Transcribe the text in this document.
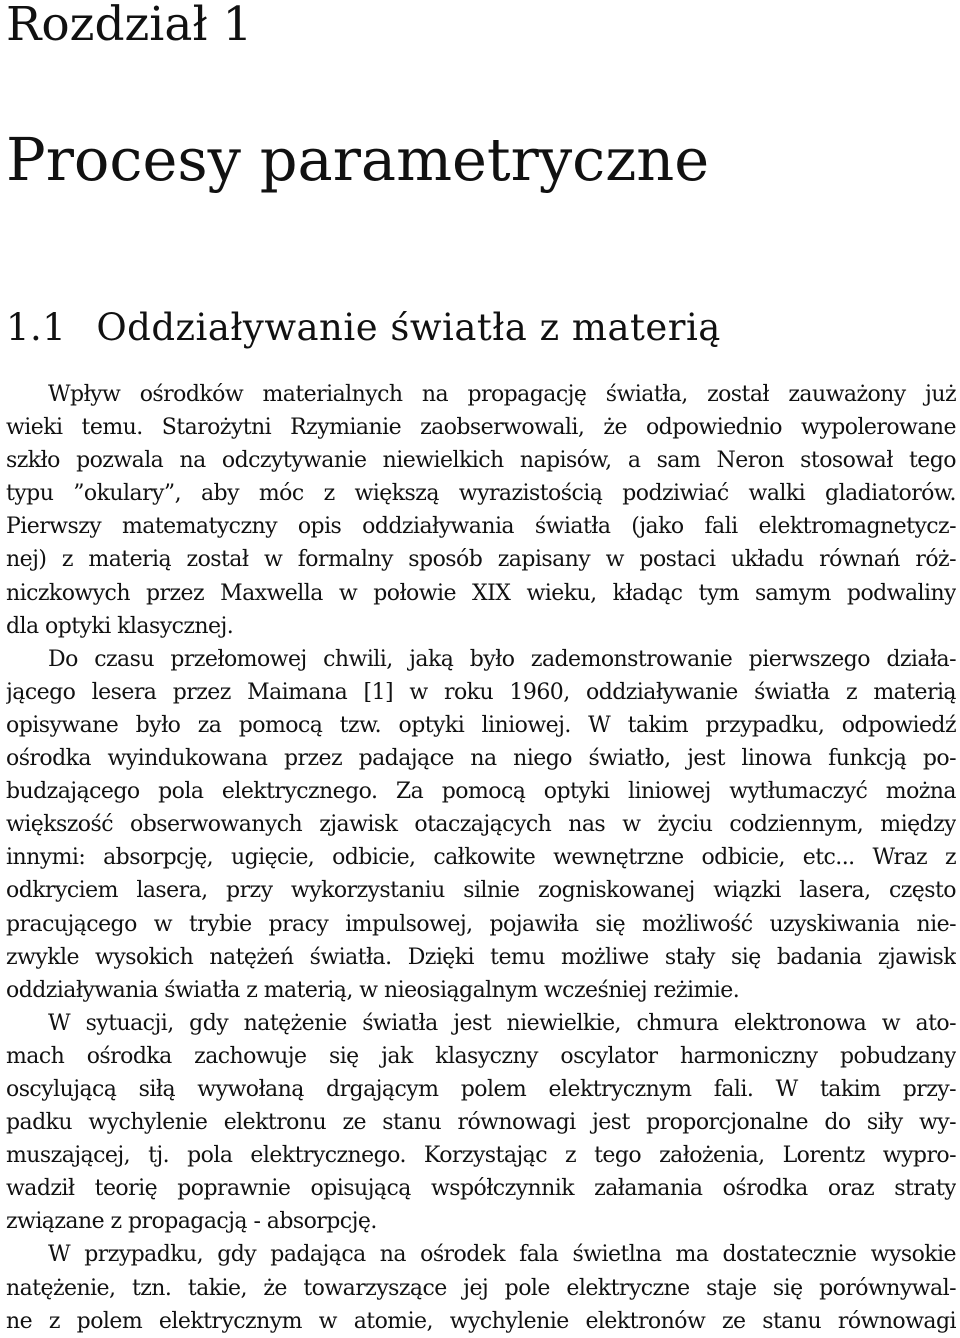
Rozdział 1
Procesy parametryczne
1.1 Oddziaływanie światła z materią
Wpływ ośrodków materialnych na propagację światła, został zauważony już
wieki temu. Starożytni Rzymianie zaobserwowali, że odpowiednio wypolerowane
szkło pozwala na odczytywanie niewielkich napisów, a sam Neron stosował tego
typu ”okulary”, aby móc z większą wyrazistością podziwiać walki gladiatorów.
Pierwszy matematyczny opis oddziaływania światła (jako fali elektromagnetycz-
nej) z materią został w formalny sposób zapisany w postaci układu równań róż-
niczkowych przez Maxwella w połowie XIX wieku, kładąc tym samym podwaliny
dla optyki klasycznej.
Do czasu przełomowej chwili, jaką było zademonstrowanie pierwszego działa-
jącego lesera przez Maimana [1] w roku 1960, oddziaływanie światła z materią
opisywane było za pomocą tzw. optyki liniowej. W takim przypadku, odpowiedź
ośrodka wyindukowana przez padające na niego światło, jest linowa funkcją po-
budzającego pola elektrycznego. Za pomocą optyki liniowej wytłumaczyć można
większość obserwowanych zjawisk otaczających nas w życiu codziennym, między
innymi: absorpcję, ugięcie, odbicie, całkowite wewnętrzne odbicie, etc... Wraz z
odkryciem lasera, przy wykorzystaniu silnie zogniskowanej wiązki lasera, często
pracującego w trybie pracy impulsowej, pojawiła się możliwość uzyskiwania nie-
zwykle wysokich natężeń światła. Dzięki temu możliwe stały się badania zjawisk
oddziaływania światła z materią, w nieosiągalnym wcześniej reżimie.
W sytuacji, gdy natężenie światła jest niewielkie, chmura elektronowa w ato-
mach ośrodka zachowuje się jak klasyczny oscylator harmoniczny pobudzany
oscylującą siłą wywołaną drgającym polem elektrycznym fali. W takim przy-
padku wychylenie elektronu ze stanu równowagi jest proporcjonalne do siły wy-
muszającej, tj. pola elektrycznego. Korzystając z tego założenia, Lorentz wypro-
wadził teorię poprawnie opisującą współczynnik załamania ośrodka oraz straty
związane z propagacją - absorpcję.
W przypadku, gdy padająca na ośrodek fala świetlna ma dostatecznie wysokie
natężenie, tzn. takie, że towarzyszące jej pole elektryczne staje się porównywal-
ne z polem elektrycznym w atomie, wychylenie elektronów ze stanu równowagi
